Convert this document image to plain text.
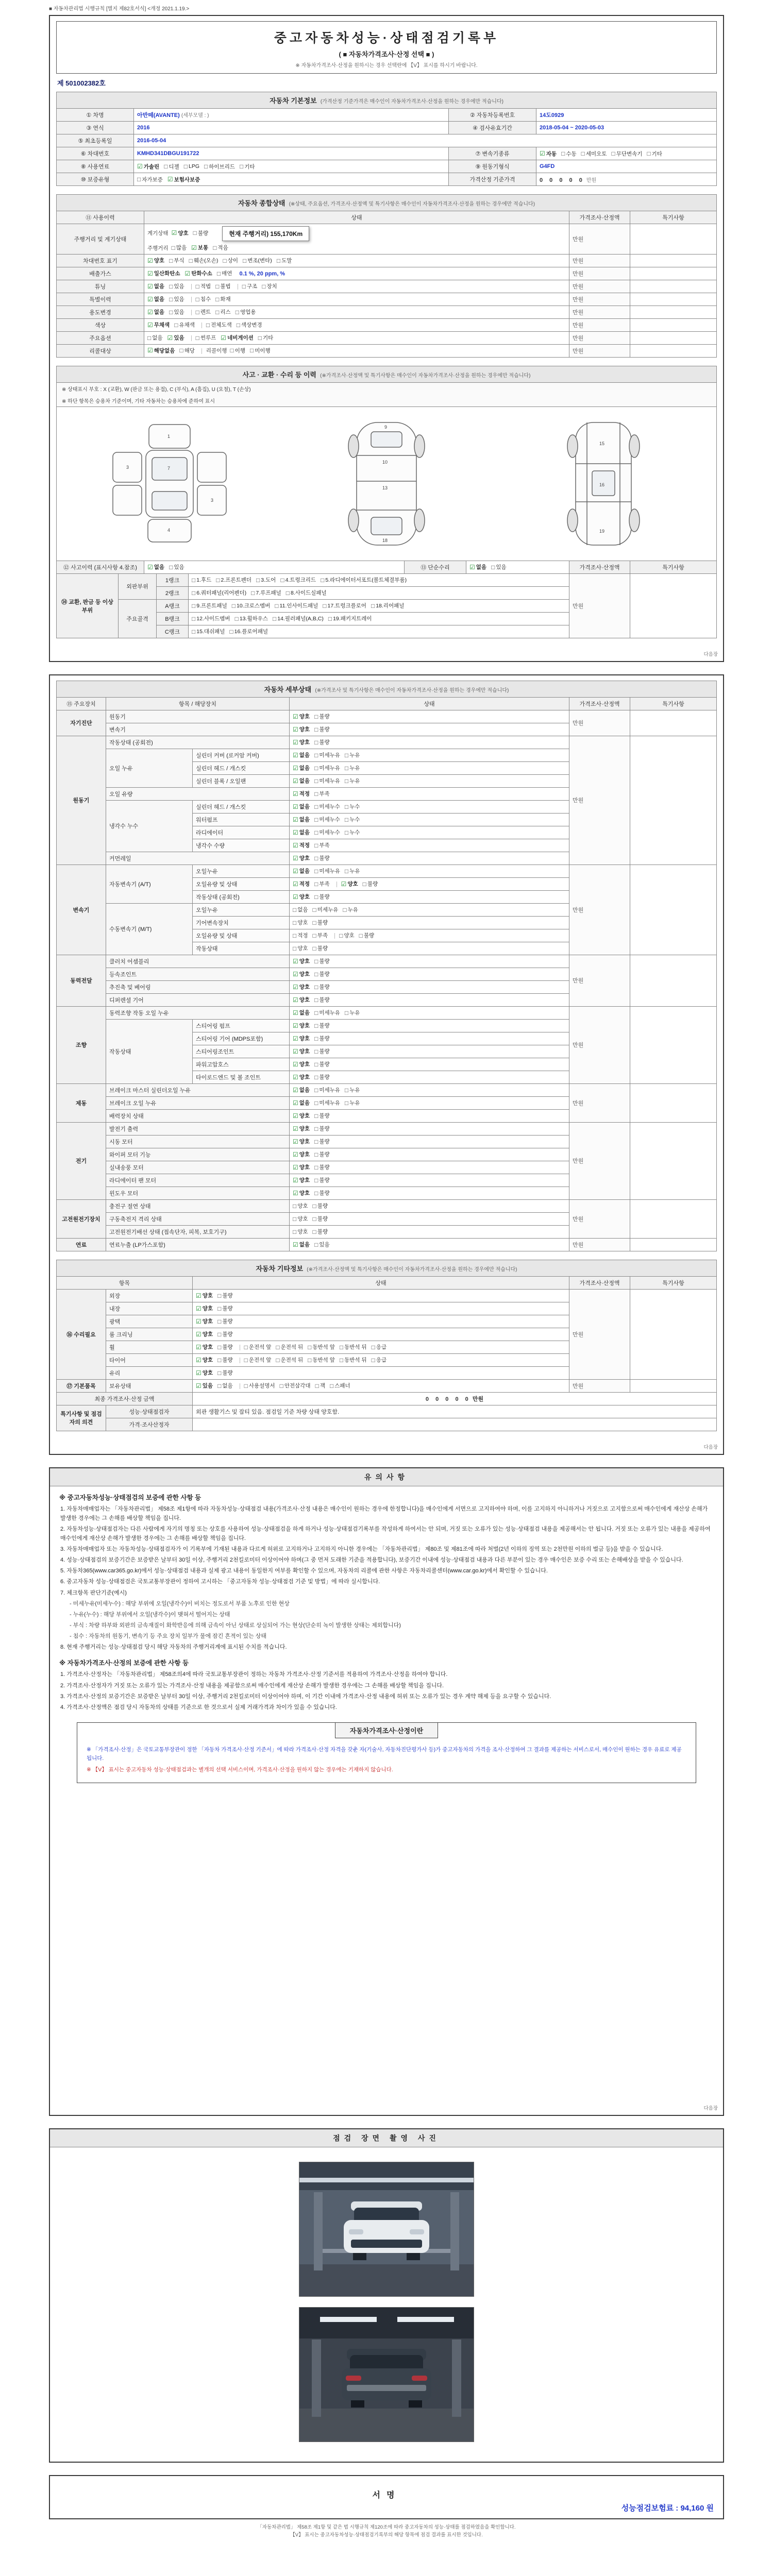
■ 자동차관리법 시행규칙 [별지 제82호서식] <개정 2021.1.19.>
중고자동차성능·상태점검기록부
( ■ 자동차가격조사·산정 선택 ■ )
※ 자동차가격조사·산정을 원하시는 경우 선택란에 【V】 표시를 하시기 바랍니다.
제 501002382호
자동차 기본정보 (가격산정 기준가격은 매수인이 자동차가격조사·산정을 원하는 경우에만 적습니다)
① 차명	아반떼(AVANTE) (세부모델 : )	② 자동차등록번호	14도0929
③ 연식	2016	④ 검사유효기간	2018-05-04 ~ 2020-05-03
⑤ 최초등록일	2016-05-04		
⑥ 차대번호	KMHD341DBGU191722	⑦ 변속기종류	☑ 자동 □ 수동 □ 세미오토 □ 무단변속기 □ 기타

⑧ 사용연료	☑ 가솔린 □ 디젤 □ LPG □ 하이브리드 □ 기타	⑨ 원동기형식	G4FD
⑩ 보증유형	□ 자가보증 ☑ 보험사보증	가격산정 기준가격	0 0 0 0 0 만원
자동차 종합상태 (※상태, 주요옵션, 가격조사·산정액 및 특기사항은 매수인이 자동차가격조사·산정을 원하는 경우에만 적습니다)
⑪ 사용이력	상태	가격조사·산정액	특기사항
주행거리 및 계기상태	
계기상태 ☑ 양호 □ 불량	현재 주행거리) 155,170Km
주행거리 □ 많음 ☑ 보통 □ 적음
	만원	
차대번호 표기	☑ 양호 □ 부식 □ 훼손(오손) □ 상이 □ 변조(변타) □ 도말	만원	
배출가스	☑ 일산화탄소 ☑ 탄화수소 □ 매연 0.1 %, 20 ppm, %	만원	
튜닝	☑ 없음 □ 있음 □ 적법 □ 불법 □ 구조 □ 장치	만원	
특별이력	☑ 없음 □ 있음 □ 침수 □ 화재	만원	
용도변경	☑ 없음 □ 있음 □ 렌트 □ 리스 □ 영업용	만원	
색상	☑ 무채색 □ 유채색 □ 전체도색 □ 색상변경	만원	
주요옵션	□ 없음 ☑ 있음 □ 썬루프 ☑ 네비게이션 □ 기타	만원	
리콜대상	☑ 해당없음 □ 해당 리콜이행 □ 이행 □ 미이행	만원	
사고 · 교환 · 수리 등 이력 (※가격조사·산정액 및 특기사항은 매수인이 자동차가격조사·산정을 원하는 경우에만 적습니다)
※ 상태표시 부호 : X (교환), W (판금 또는 용접), C (부식), A (흠집), U (요철), T (손상)
※ 하단 항목은 승용차 기준이며, 기타 자동차는 승용차에 준하여 표시
1
3
3
7
4
9
10
13
18
15
16
19
⑫ 사고이력 (표시사항 4.참조)	☑ 없음 □ 있음	⑬ 단순수리	☑ 없음 □ 있음	가격조사·산정액	특기사항
⑭ 교환, 판금 등 이상 부위	외판부위	1랭크	□ 1.후드 □ 2.프론트펜더 □ 3.도어 □ 4.트렁크리드 □ 5.라디에이터서포트(볼트체결부품)
	만원	
2랭크	□ 6.쿼터패널(리어펜더) □ 7.루프패널 □ 8.사이드실패널

주요골격	A랭크	□ 9.프론트패널 □ 10.크로스멤버 □ 11.인사이드패널 □ 17.트렁크플로어 □ 18.리어패널

B랭크	□ 12.사이드멤버 □ 13.휠하우스 □ 14.필러패널(A,B,C) □ 19.패키지트레이

		C랭크	□ 15.대쉬패널 □ 16.플로어패널		
다음장
자동차 세부상태 (※가격조사 및 특기사항은 매수인이 자동차가격조사·산정을 원하는 경우에만 적습니다)
⑮ 주요장치	항목 / 해당장치		상태	가격조사·산정액	특기사항
자기진단	원동기		☑ 양호 □ 불량	만원	
	변속기		☑ 양호 □ 불량		

원동기	작동상태 (공회전)		☑ 양호 □ 불량	만원	
오일 누유	실린더 커버 (로커암 커버)	☑ 없음 □ 미세누유 □ 누유

실린더 헤드 / 개스킷	☑ 없음 □ 미세누유 □ 누유

실린더 블록 / 오일팬	☑ 없음 □ 미세누유 □ 누유

	오일 유량		☑ 적정 □ 부족		

냉각수 누수	실린더 헤드 / 개스킷	☑ 없음 □ 미세누수 □ 누수

워터펌프	☑ 없음 □ 미세누수 □ 누수

라디에이터	☑ 없음 □ 미세누수 □ 누수

		냉각수 수량	☑ 적정 □ 부족		

	커먼레일		☑ 양호 □ 불량		

변속기	자동변속기 (A/T)	오일누유	☑ 없음 □ 미세누유 □ 누유
	만원	
오일유량 및 상태	☑ 적정 □ 부족 ☑ 양호 □ 불량

		작동상태 (공회전)	☑ 양호 □ 불량		

수동변속기 (M/T)	오일누유	□ 없음 □ 미세누유 □ 누유

		기어변속장치	□ 양호 □ 불량		

오일유량 및 상태	□ 적정 □ 부족 □ 양호 □ 불량

		작동상태	□ 양호 □ 불량		

동력전달	클러치 어셈블리		☑ 양호 □ 불량	만원	
	등속조인트		☑ 양호 □ 불량		

	추진축 및 베어링		☑ 양호 □ 불량		

	디퍼렌셜 기어		☑ 양호 □ 불량		

조향	동력조향 작동 오일 누유	☑ 없음 □ 미세누유 □ 누유
	만원	
	작동상태	스티어링 펌프	☑ 양호 □ 불량		

		스티어링 기어 (MDPS포함)	☑ 양호 □ 불량		

		스티어링조인트	☑ 양호 □ 불량		

		파워고압호스	☑ 양호 □ 불량		

		타이로드엔드 및 볼 조인트	☑ 양호 □ 불량		

제동	브레이크 마스터 실린더오일 누유	☑ 없음 □ 미세누유 □ 누유
	만원	
브레이크 오일 누유	☑ 없음 □ 미세누유 □ 누유

	배력장치 상태		☑ 양호 □ 불량		

전기	발전기 출력		☑ 양호 □ 불량	만원	
	시동 모터		☑ 양호 □ 불량		

	와이퍼 모터 기능		☑ 양호 □ 불량		

	실내송풍 모터		☑ 양호 □ 불량		

	라디에이터 팬 모터		☑ 양호 □ 불량		

	윈도우 모터		☑ 양호 □ 불량		

고전원전기장치	충전구 절연 상태		□ 양호 □ 불량	만원	
	구동축전지 격리 상태		□ 양호 □ 불량		

	고전원전기배선 상태 (접속단자, 피복, 보호기구)		□ 양호 □ 불량		

연료	연료누출 (LP가스포함)		☑ 없음 □ 있음	만원	
자동차 기타정보 (※가격조사·산정액 및 특기사항은 매수인이 자동차가격조사·산정을 원하는 경우에만 적습니다)
항목		상태	가격조사·산정액	특기사항
⑯ 수리필요	외장	☑ 양호 □ 불량	만원	
	내장	☑ 양호 □ 불량		

	광택	☑ 양호 □ 불량		

	룸 크리닝	☑ 양호 □ 불량		

휠	☑ 양호 □ 불량 □ 운전석 앞 □ 운전석 뒤 □ 동반석 앞 □ 동반석 뒤 □ 응급

타이어	☑ 양호 □ 불량 □ 운전석 앞 □ 운전석 뒤 □ 동반석 앞 □ 동반석 뒤 □ 응급

	유리	☑ 양호 □ 불량		

⑰ 기본품목	보유상태	☑ 있음 □ 없음 □ 사용설명서 □ 안전삼각대 □ 잭 □ 스패너	만원	
최종 가격조사·산정 금액		0 0 0 0 0 만원		
특기사항 및 점검자의 의견	성능·상태점검자	외관 생활기스 및 잡티 있음. 점검일 기준 차량 상태 양호함.		
	가격·조사산정자			
다음장
유의사항
※ 중고자동차성능·상태점검의 보증에 관한 사항 등
1. 자동차매매업자는 「자동차관리법」 제58조 제1항에 따라 자동차성능·상태점검 내용(가격조사·산정 내용은 매수인이 원하는 경우에 한정합니다)을 매수인에게 서면으로 고지하여야 하며, 이를 고지하지 아니하거나 거짓으로 고지함으로써 매수인에게 재산상 손해가 발생한 경우에는 그 손해를 배상할 책임을 집니다.
2. 자동차성능·상태점검자는 다른 사람에게 자기의 명칭 또는 상호를 사용하여 성능·상태점검을 하게 하거나 성능·상태점검기록부를 작성하게 하여서는 안 되며, 거짓 또는 오류가 있는 성능·상태점검 내용을 제공해서는 안 됩니다. 거짓 또는 오류가 있는 내용을 제공하여 매수인에게 재산상 손해가 발생한 경우에는 그 손해를 배상할 책임을 집니다.
3. 자동차매매업자 또는 자동차성능·상태점검자가 이 기록부에 기재된 내용과 다르게 허위로 고지하거나 고지하지 아니한 경우에는 「자동차관리법」 제80조 및 제81조에 따라 처벌(2년 이하의 징역 또는 2천만원 이하의 벌금 등)을 받을 수 있습니다.
4. 성능·상태점검의 보증기간은 보증받은 날부터 30일 이상, 주행거리 2천킬로미터 이상이어야 하며(그 중 먼저 도래한 기준을 적용합니다), 보증기간 이내에 성능·상태점검 내용과 다른 부분이 있는 경우 매수인은 보증 수리 또는 손해배상을 받을 수 있습니다.
5. 자동차365(www.car365.go.kr)에서 성능·상태점검 내용과 실제 광고 내용이 동일한지 여부를 확인할 수 있으며, 자동차의 리콜에 관한 사항은 자동차리콜센터(www.car.go.kr)에서 확인할 수 있습니다.
6. 중고자동차 성능·상태점검은 국토교통부장관이 정하여 고시하는 「중고자동차 성능·상태점검 기준 및 방법」에 따라 실시합니다.
7. 체크항목 판단기준(예시)
- 미세누유(미세누수) : 해당 부위에 오일(냉각수)이 비치는 정도로서 부품 노후로 인한 현상
- 누유(누수) : 해당 부위에서 오일(냉각수)이 맺혀서 떨어지는 상태
- 부식 : 차량 하부와 외판의 금속재질이 화학반응에 의해 금속이 아닌 상태로 상실되어 가는 현상(단순히 녹이 발생한 상태는 제외합니다)
- 침수 : 자동차의 원동기, 변속기 등 주요 장치 일부가 물에 잠긴 흔적이 있는 상태
8. 현재 주행거리는 성능·상태점검 당시 해당 자동차의 주행거리계에 표시된 수치를 적습니다.
※ 자동차가격조사·산정의 보증에 관한 사항 등
1. 가격조사·산정자는 「자동차관리법」 제58조의4에 따라 국토교통부장관이 정하는 자동차 가격조사·산정 기준서를 적용하여 가격조사·산정을 하여야 합니다.
2. 가격조사·산정자가 거짓 또는 오류가 있는 가격조사·산정 내용을 제공함으로써 매수인에게 재산상 손해가 발생한 경우에는 그 손해를 배상할 책임을 집니다.
3. 가격조사·산정의 보증기간은 보증받은 날부터 30일 이상, 주행거리 2천킬로미터 이상이어야 하며, 이 기간 이내에 가격조사·산정 내용에 허위 또는 오류가 있는 경우 계약 해제 등을 요구할 수 있습니다.
4. 가격조사·산정액은 점검 당시 자동차의 상태를 기준으로 한 것으로서 실제 거래가격과 차이가 있을 수 있습니다.
자동차가격조사·산정이란
※ 「가격조사·산정」은 국토교통부장관이 정한 「자동차 가격조사·산정 기준서」에 따라 가격조사·산정 자격을 갖춘 자(기술사, 자동차진단평가사 등)가 중고자동차의 가격을 조사·산정하여 그 결과를 제공하는 서비스로서, 매수인이 원하는 경우 유료로 제공됩니다.
※ 【V】 표시는 중고자동차 성능·상태점검과는 별개의 선택 서비스이며, 가격조사·산정을 원하지 않는 경우에는 기재하지 않습니다.
다음장
점검 장면 촬영 사진
서명
성능점검보험료 : 94,160 원
「자동차관리법」 제58조 제1항 및 같은 법 시행규칙 제120조에 따라 중고자동차의 성능·상태를 점검하였음을 확인합니다.
【V】 표시는 중고자동차성능·상태점검기록부의 해당 항목에 점검 결과를 표시한 것입니다.
